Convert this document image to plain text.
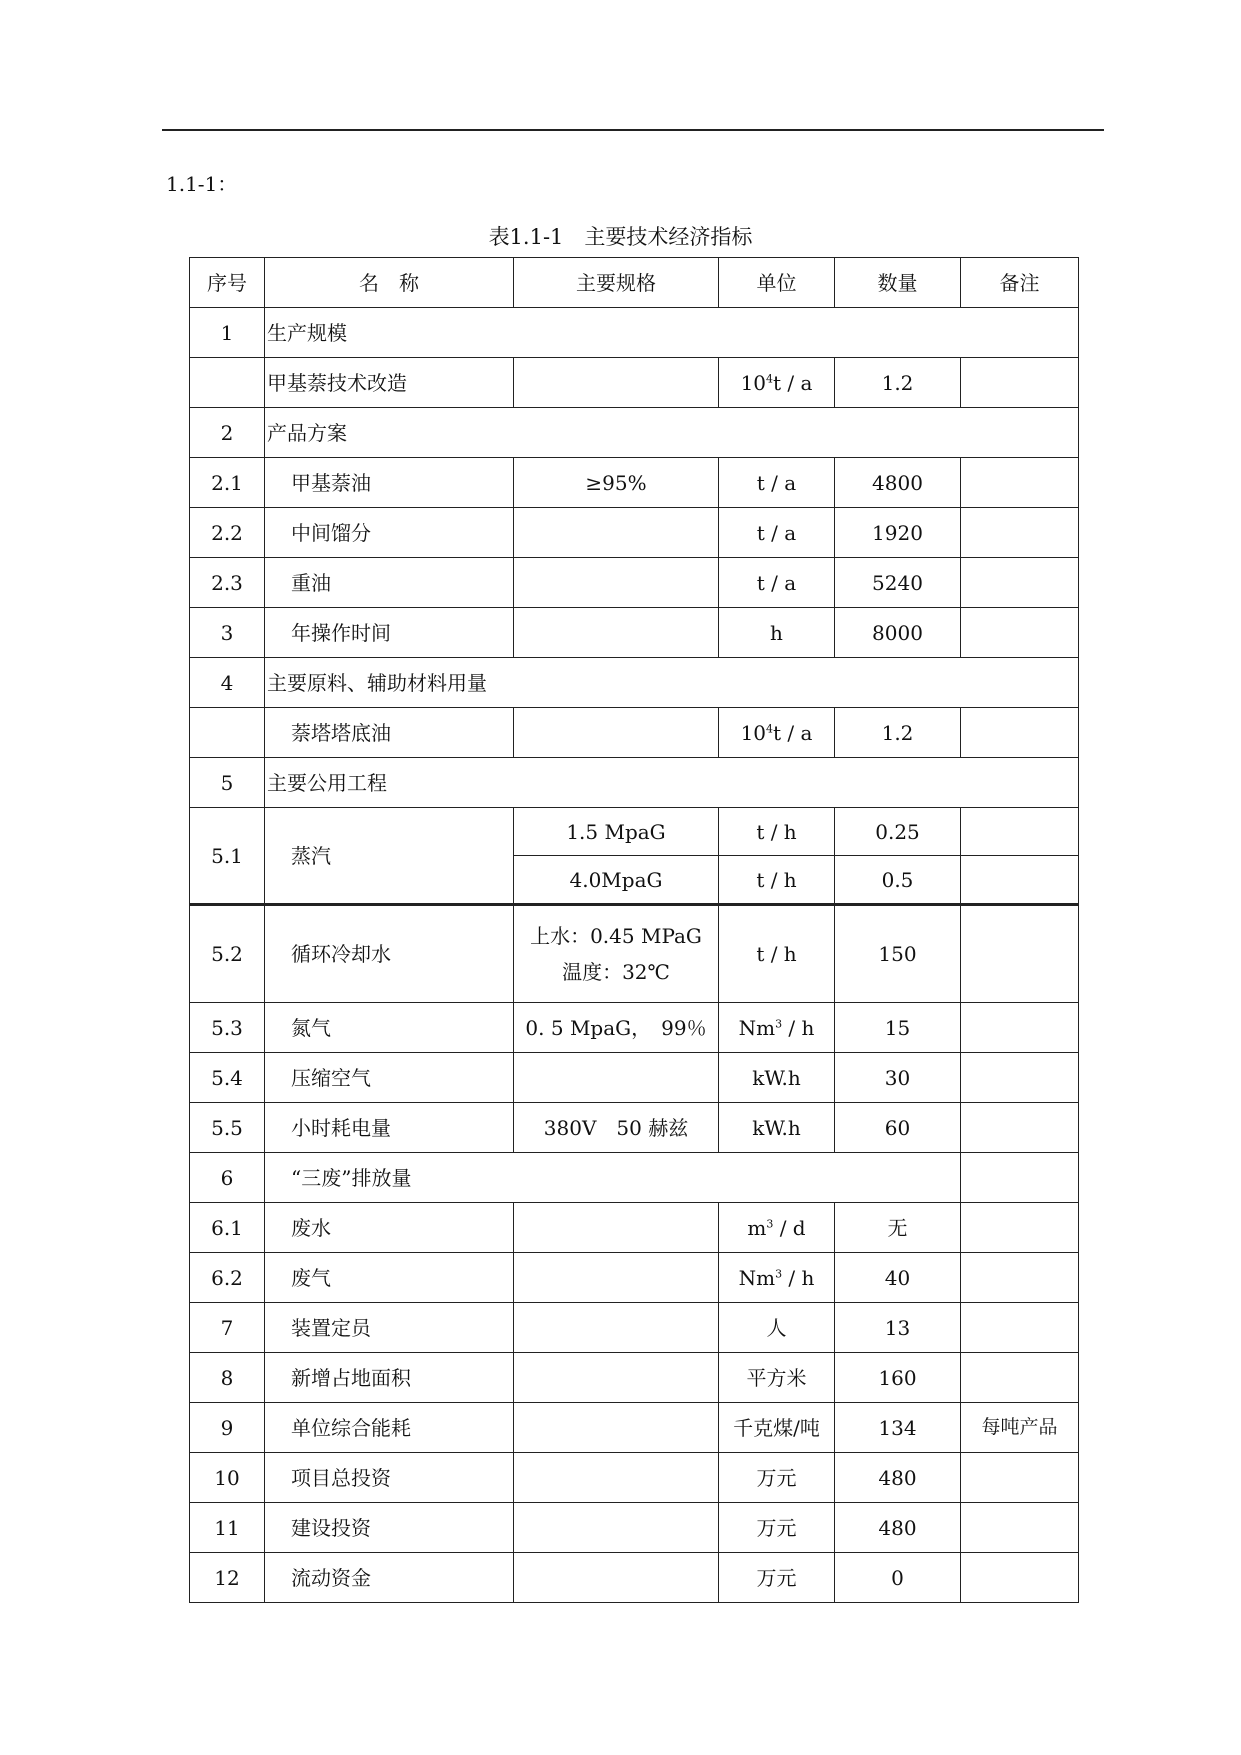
1.1-1：
表1.1-1　主要技术经济指标
序号	名　称	主要规格	单位	数量	备注
1	生产规模				
	甲基萘技术改造		$10^4t$ / a	1.2	
2	产品方案				
2.1	甲基萘油	≥95%	t / a	4800	
2.2	中间馏分		t / a	1920	
2.3	重油		t / a	5240	
3	年操作时间		h	8000	
4	主要原料、辅助材料用量				
	萘塔塔底油		$10^4t$ / a	1.2	
5	主要公用工程				
5.1	蒸汽	1.5 MpaG	t / h	0.25	
		4.0MpaG	t / h	0.5	
5.2	循环冷却水	上水：0.45 MPaG
温度：32℃	t / h	150	
5.3	氮气	0. 5 MpaG，　99％	Nm$^3$ / h	15	
5.4	压缩空气		kW.h	30	
5.5	小时耗电量	380V　50 赫兹	kW.h	60	
6	“三废”排放量				
6.1	废水		$m^3$ / d	无	
6.2	废气		Nm$^3$ / h	40	
7	装置定员		人	13	
8	新增占地面积		平方米	160	
9	单位综合能耗		千克煤/吨	134	每吨产品
10	项目总投资		万元	480	
11	建设投资		万元	480	
12	流动资金		万元	0	
